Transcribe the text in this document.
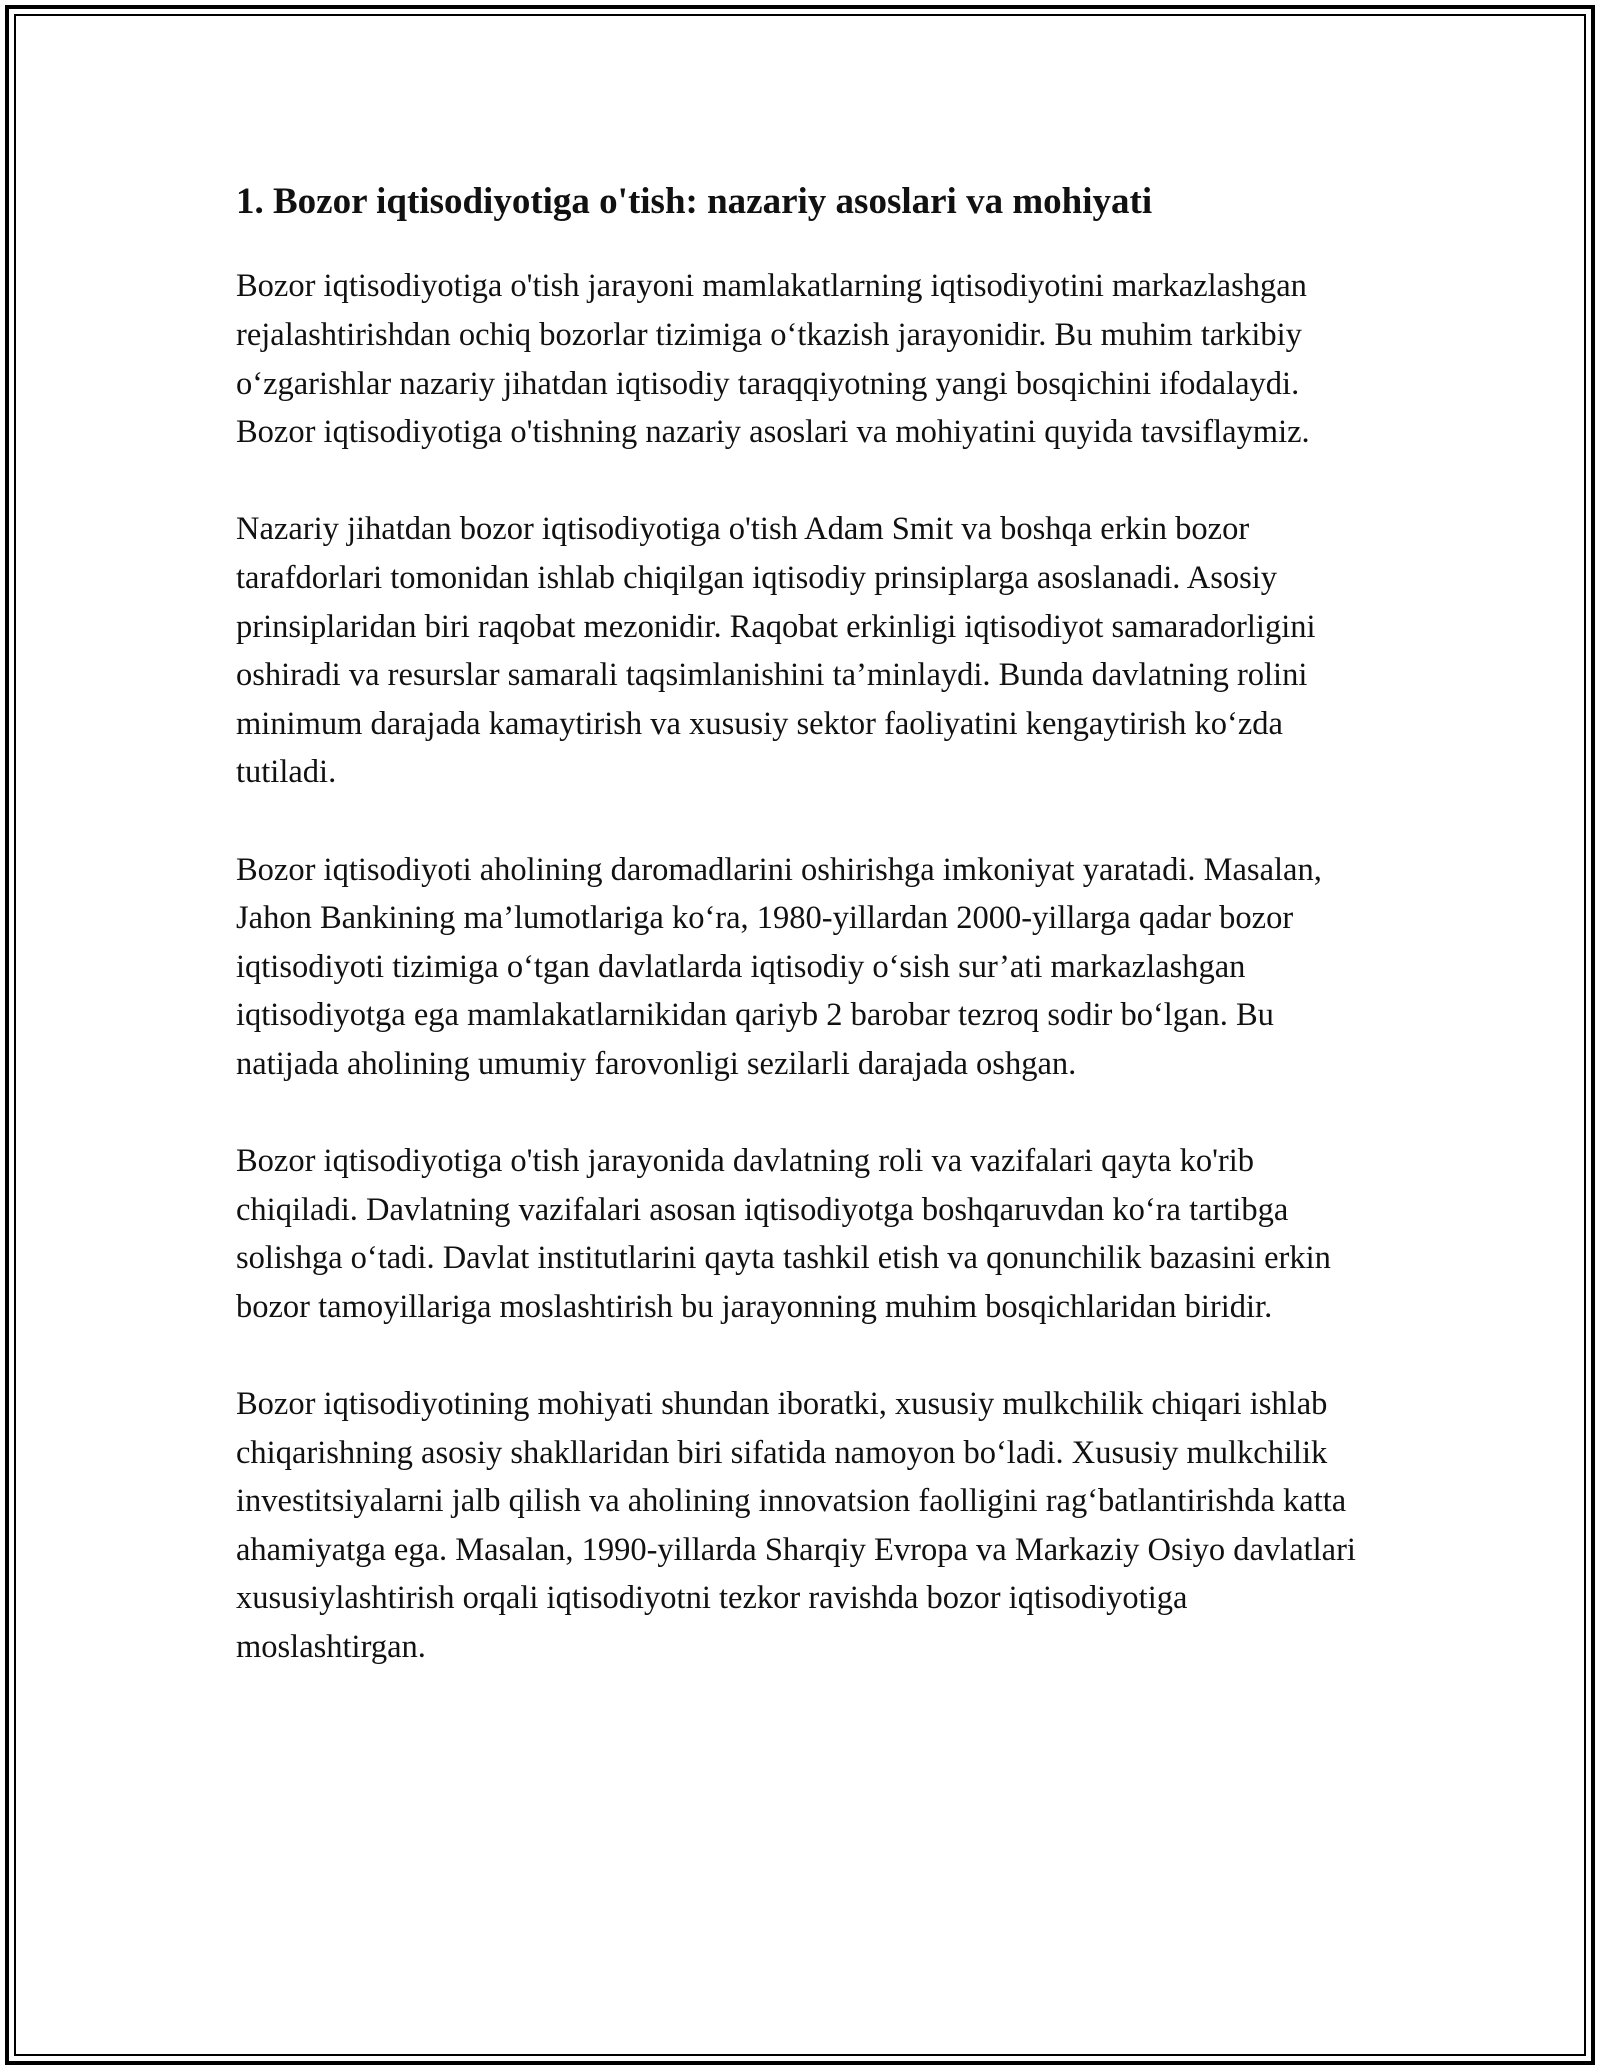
1. Bozor iqtisodiyotiga o'tish: nazariy asoslari va mohiyati

Bozor iqtisodiyotiga o'tish jarayoni mamlakatlarning iqtisodiyotini markazlashgan rejalashtirishdan ochiq bozorlar tizimiga o‘tkazish jarayonidir. Bu muhim tarkibiy o‘zgarishlar nazariy jihatdan iqtisodiy taraqqiyotning yangi bosqichini ifodalaydi. Bozor iqtisodiyotiga o'tishning nazariy asoslari va mohiyatini quyida tavsiflaymiz.

Nazariy jihatdan bozor iqtisodiyotiga o'tish Adam Smit va boshqa erkin bozor tarafdorlari tomonidan ishlab chiqilgan iqtisodiy prinsiplarga asoslanadi. Asosiy prinsiplaridan biri raqobat mezonidir. Raqobat erkinligi iqtisodiyot samaradorligini oshiradi va resurslar samarali taqsimlanishini ta’minlaydi. Bunda davlatning rolini minimum darajada kamaytirish va xususiy sektor faoliyatini kengaytirish ko‘zda tutiladi.

Bozor iqtisodiyoti aholining daromadlarini oshirishga imkoniyat yaratadi. Masalan, Jahon Bankining ma’lumotlariga ko‘ra, 1980-yillardan 2000-yillarga qadar bozor iqtisodiyoti tizimiga o‘tgan davlatlarda iqtisodiy o‘sish sur’ati markazlashgan iqtisodiyotga ega mamlakatlarnikidan qariyb 2 barobar tezroq sodir bo‘lgan. Bu natijada aholining umumiy farovonligi sezilarli darajada oshgan.

Bozor iqtisodiyotiga o'tish jarayonida davlatning roli va vazifalari qayta ko'rib chiqiladi. Davlatning vazifalari asosan iqtisodiyotga boshqaruvdan ko‘ra tartibga solishga o‘tadi. Davlat institutlarini qayta tashkil etish va qonunchilik bazasini erkin bozor tamoyillariga moslashtirish bu jarayonning muhim bosqichlaridan biridir.

Bozor iqtisodiyotining mohiyati shundan iboratki, xususiy mulkchilik chiqari ishlab chiqarishning asosiy shakllaridan biri sifatida namoyon bo‘ladi. Xususiy mulkchilik investitsiyalarni jalb qilish va aholining innovatsion faolligini rag‘batlantirishda katta ahamiyatga ega. Masalan, 1990-yillarda Sharqiy Evropa va Markaziy Osiyo davlatlari xususiylashtirish orqali iqtisodiyotni tezkor ravishda bozor iqtisodiyotiga moslashtirgan.
